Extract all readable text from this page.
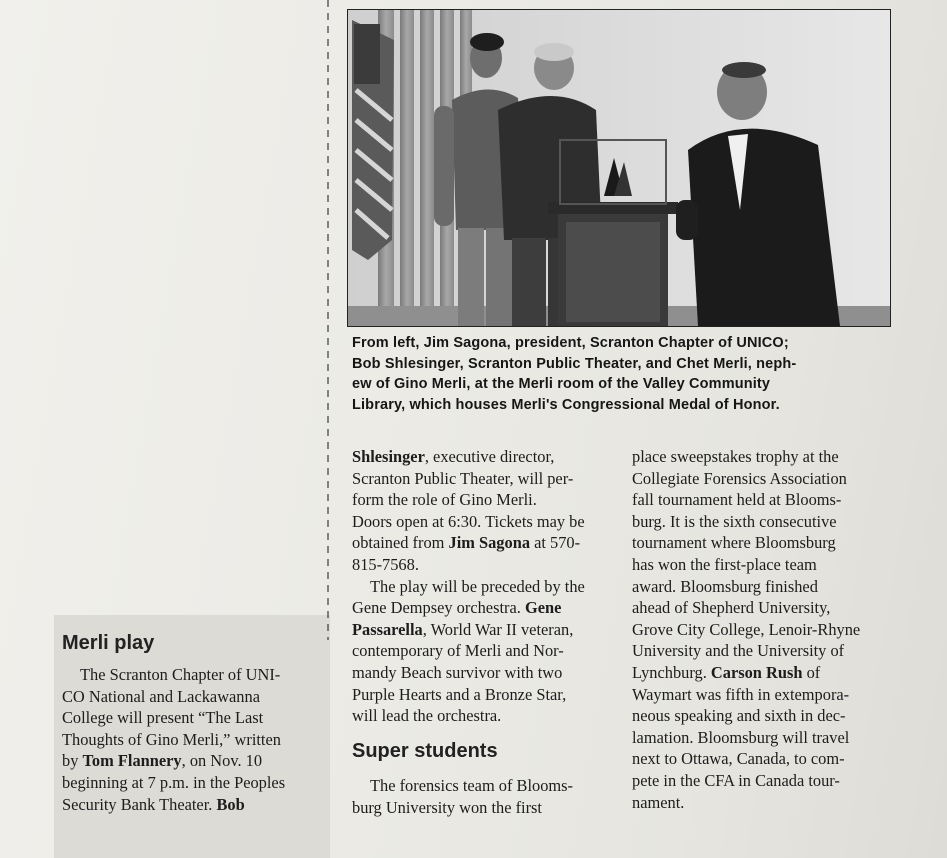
From left, Jim Sagona, president, Scranton Chapter of UNICO;
Bob Shlesinger, Scranton Public Theater, and Chet Merli, neph-
ew of Gino Merli, at the Merli room of the Valley Community
Library, which houses Merli's Congressional Medal of Honor.
Merli play

The Scranton Chapter of UNI-

CO National and Lackawanna

College will present “The Last

Thoughts of Gino Merli,” written

by Tom Flannery, on Nov. 10

beginning at 7 p.m. in the Peoples

Security Bank Theater. Bob

Shlesinger, executive director,

Scranton Public Theater, will per-

form the role of Gino Merli.

Doors open at 6:30. Tickets may be

obtained from Jim Sagona at 570-

815-7568.

The play will be preceded by the

Gene Dempsey orchestra. Gene

Passarella, World War II veteran,

contemporary of Merli and Nor-

mandy Beach survivor with two

Purple Hearts and a Bronze Star,

will lead the orchestra.

Super students

The forensics team of Blooms-

burg University won the first

place sweepstakes trophy at the

Collegiate Forensics Association

fall tournament held at Blooms-

burg. It is the sixth consecutive

tournament where Bloomsburg

has won the first-place team

award. Bloomsburg finished

ahead of Shepherd University,

Grove City College, Lenoir-Rhyne

University and the University of

Lynchburg. Carson Rush of

Waymart was fifth in extempora-

neous speaking and sixth in dec-

lamation. Bloomsburg will travel

next to Ottawa, Canada, to com-

pete in the CFA in Canada tour-

nament.
